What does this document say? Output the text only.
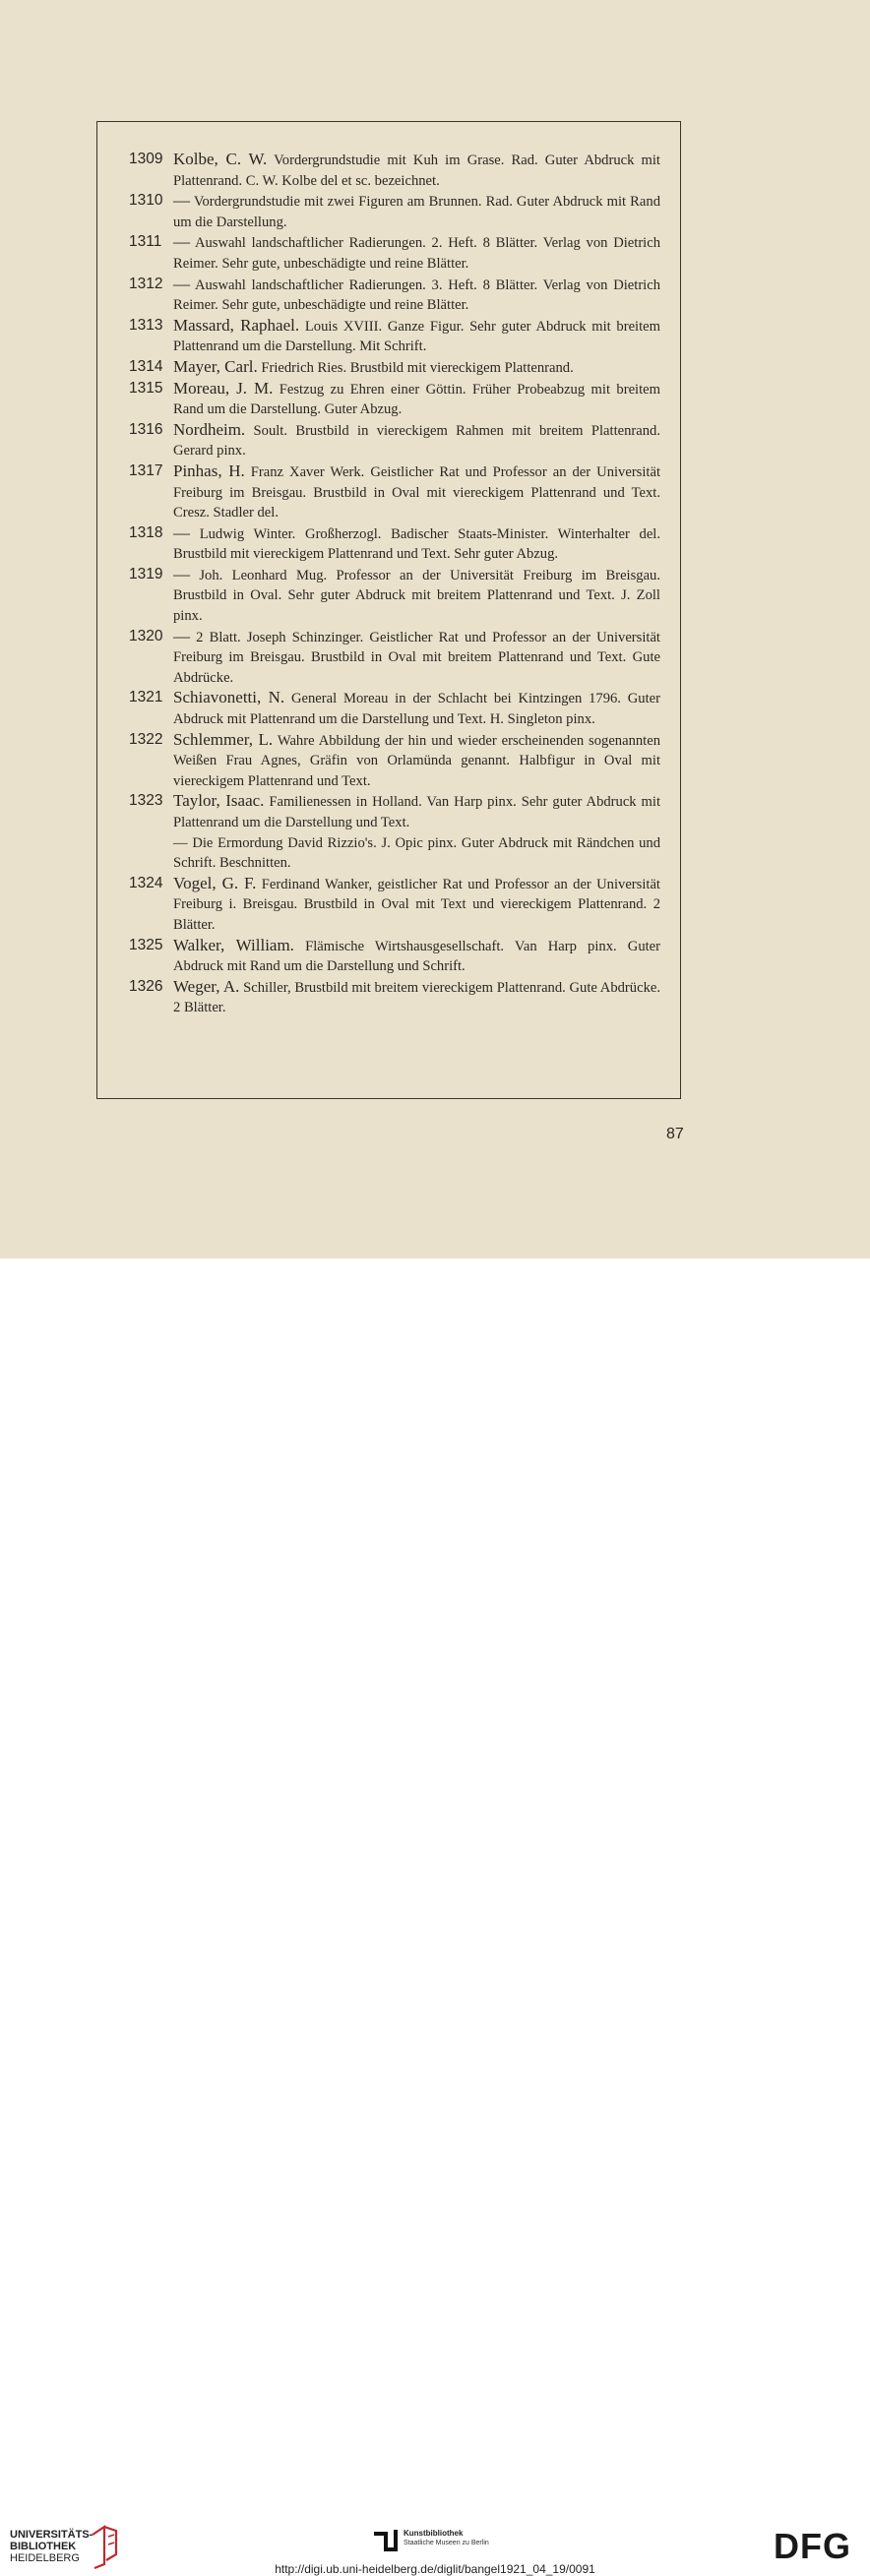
1309 Kolbe, C. W. Vordergrundstudie mit Kuh im Grase. Rad. Guter Abdruck mit Plattenrand. C. W. Kolbe del et sc. bezeichnet.
1310 — Vordergrundstudie mit zwei Figuren am Brunnen. Rad. Guter Abdruck mit Rand um die Darstellung.
1311 — Auswahl landschaftlicher Radierungen. 2. Heft. 8 Blätter. Verlag von Dietrich Reimer. Sehr gute, unbeschädigte und reine Blätter.
1312 — Auswahl landschaftlicher Radierungen. 3. Heft. 8 Blätter. Verlag von Dietrich Reimer. Sehr gute, unbeschädigte und reine Blätter.
1313 Massard, Raphael. Louis XVIII. Ganze Figur. Sehr guter Abdruck mit breitem Plattenrand um die Darstellung. Mit Schrift.
1314 Mayer, Carl. Friedrich Ries. Brustbild mit viereckigem Plattenrand.
1315 Moreau, J. M. Festzug zu Ehren einer Göttin. Früher Probeabzug mit breitem Rand um die Darstellung. Guter Abzug.
1316 Nordheim. Soult. Brustbild in viereckigem Rahmen mit breitem Plattenrand. Gerard pinx.
1317 Pinhas, H. Franz Xaver Werk. Geistlicher Rat und Professor an der Universität Freiburg im Breisgau. Brustbild in Oval mit viereckigem Plattenrand und Text. Cresz. Stadler del.
1318 — Ludwig Winter. Großherzogl. Badischer Staats-Minister. Winterhalter del. Brustbild mit viereckigem Plattenrand und Text. Sehr guter Abzug.
1319 — Joh. Leonhard Mug. Professor an der Universität Freiburg im Breisgau. Brustbild in Oval. Sehr guter Abdruck mit breitem Plattenrand und Text. J. Zoll pinx.
1320 — 2 Blatt. Joseph Schinzinger. Geistlicher Rat und Professor an der Universität Freiburg im Breisgau. Brustbild in Oval mit breitem Plattenrand und Text. Gute Abdrücke.
1321 Schiavonetti, N. General Moreau in der Schlacht bei Kintzingen 1796. Guter Abdruck mit Plattenrand um die Darstellung und Text. H. Singleton pinx.
1322 Schlemmer, L. Wahre Abbildung der hin und wieder erscheinenden sogenannten Weißen Frau Agnes, Gräfin von Orlamünda genannt. Halbfigur in Oval mit viereckigem Plattenrand und Text.
1323 Taylor, Isaac. Familienessen in Holland. Van Harp pinx. Sehr guter Abdruck mit Plattenrand um die Darstellung und Text.
— Die Ermordung David Rizzio's. J. Opic pinx. Guter Abdruck mit Rändchen und Schrift. Beschnitten.
1324 Vogel, G. F. Ferdinand Wanker, geistlicher Rat und Professor an der Universität Freiburg i. Breisgau. Brustbild in Oval mit Text und viereckigem Plattenrand. 2 Blätter.
1325 Walker, William. Flämische Wirtshausgesellschaft. Van Harp pinx. Guter Abdruck mit Rand um die Darstellung und Schrift.
1326 Weger, A. Schiller, Brustbild mit breitem viereckigem Plattenrand. Gute Abdrücke. 2 Blätter.
87
UNIVERSITÄTS-
BIBLIOTHEK
HEIDELBERG
Kunstbibliothek
Staatliche Museen zu Berlin	DFG
http://digi.ub.uni-heidelberg.de/diglit/bangel1921_04_19/0091
